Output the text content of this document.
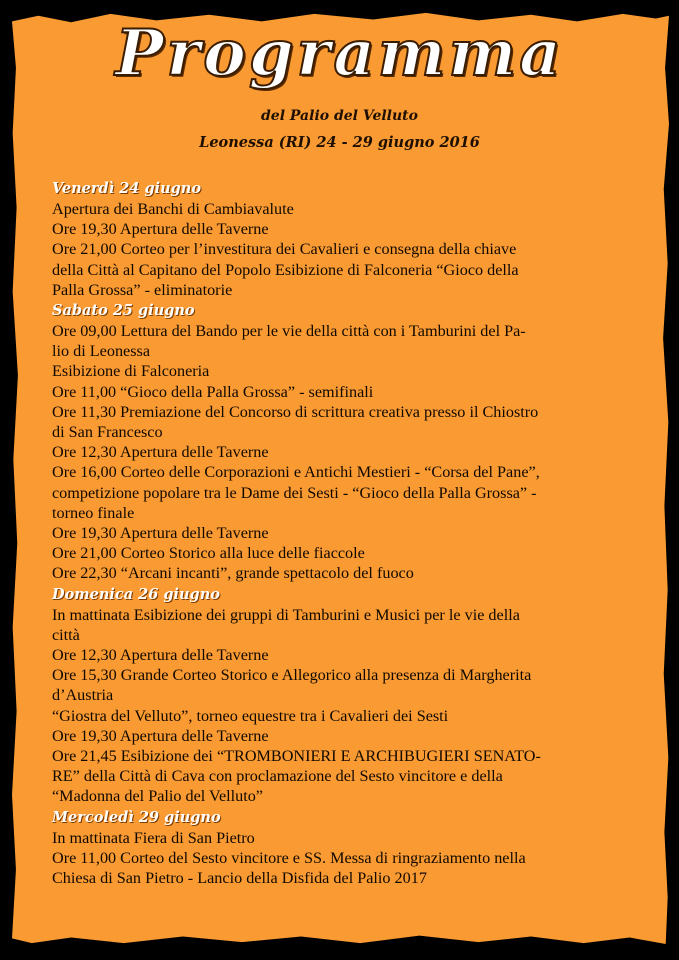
Programma
del Palio del Velluto
Leonessa (RI) 24 - 29 giugno 2016
Venerdì 24 giugno
Apertura dei Banchi di Cambiavalute
Ore 19,30 Apertura delle Taverne
Ore 21,00 Corteo per l’investitura dei Cavalieri e consegna della chiave
della Città al Capitano del Popolo Esibizione di Falconeria “Gioco della
Palla Grossa” - eliminatorie
Sabato 25 giugno
Ore 09,00 Lettura del Bando per le vie della città con i Tamburini del Pa-
lio di Leonessa
Esibizione di Falconeria
Ore 11,00 “Gioco della Palla Grossa” - semifinali
Ore 11,30 Premiazione del Concorso di scrittura creativa presso il Chiostro
di San Francesco
Ore 12,30 Apertura delle Taverne
Ore 16,00 Corteo delle Corporazioni e Antichi Mestieri - “Corsa del Pane”,
competizione popolare tra le Dame dei Sesti - “Gioco della Palla Grossa” -
torneo finale
Ore 19,30 Apertura delle Taverne
Ore 21,00 Corteo Storico alla luce delle fiaccole
Ore 22,30 “Arcani incanti”, grande spettacolo del fuoco
Domenica 26 giugno
In mattinata Esibizione dei gruppi di Tamburini e Musici per le vie della
città
Ore 12,30 Apertura delle Taverne
Ore 15,30 Grande Corteo Storico e Allegorico alla presenza di Margherita
d’Austria
“Giostra del Velluto”, torneo equestre tra i Cavalieri dei Sesti
Ore 19,30 Apertura delle Taverne
Ore 21,45 Esibizione dei “TROMBONIERI E ARCHIBUGIERI SENATO-
RE” della Città di Cava con proclamazione del Sesto vincitore e della
“Madonna del Palio del Velluto”
Mercoledì 29 giugno
In mattinata Fiera di San Pietro
Ore 11,00 Corteo del Sesto vincitore e SS. Messa di ringraziamento nella
Chiesa di San Pietro - Lancio della Disfida del Palio 2017
